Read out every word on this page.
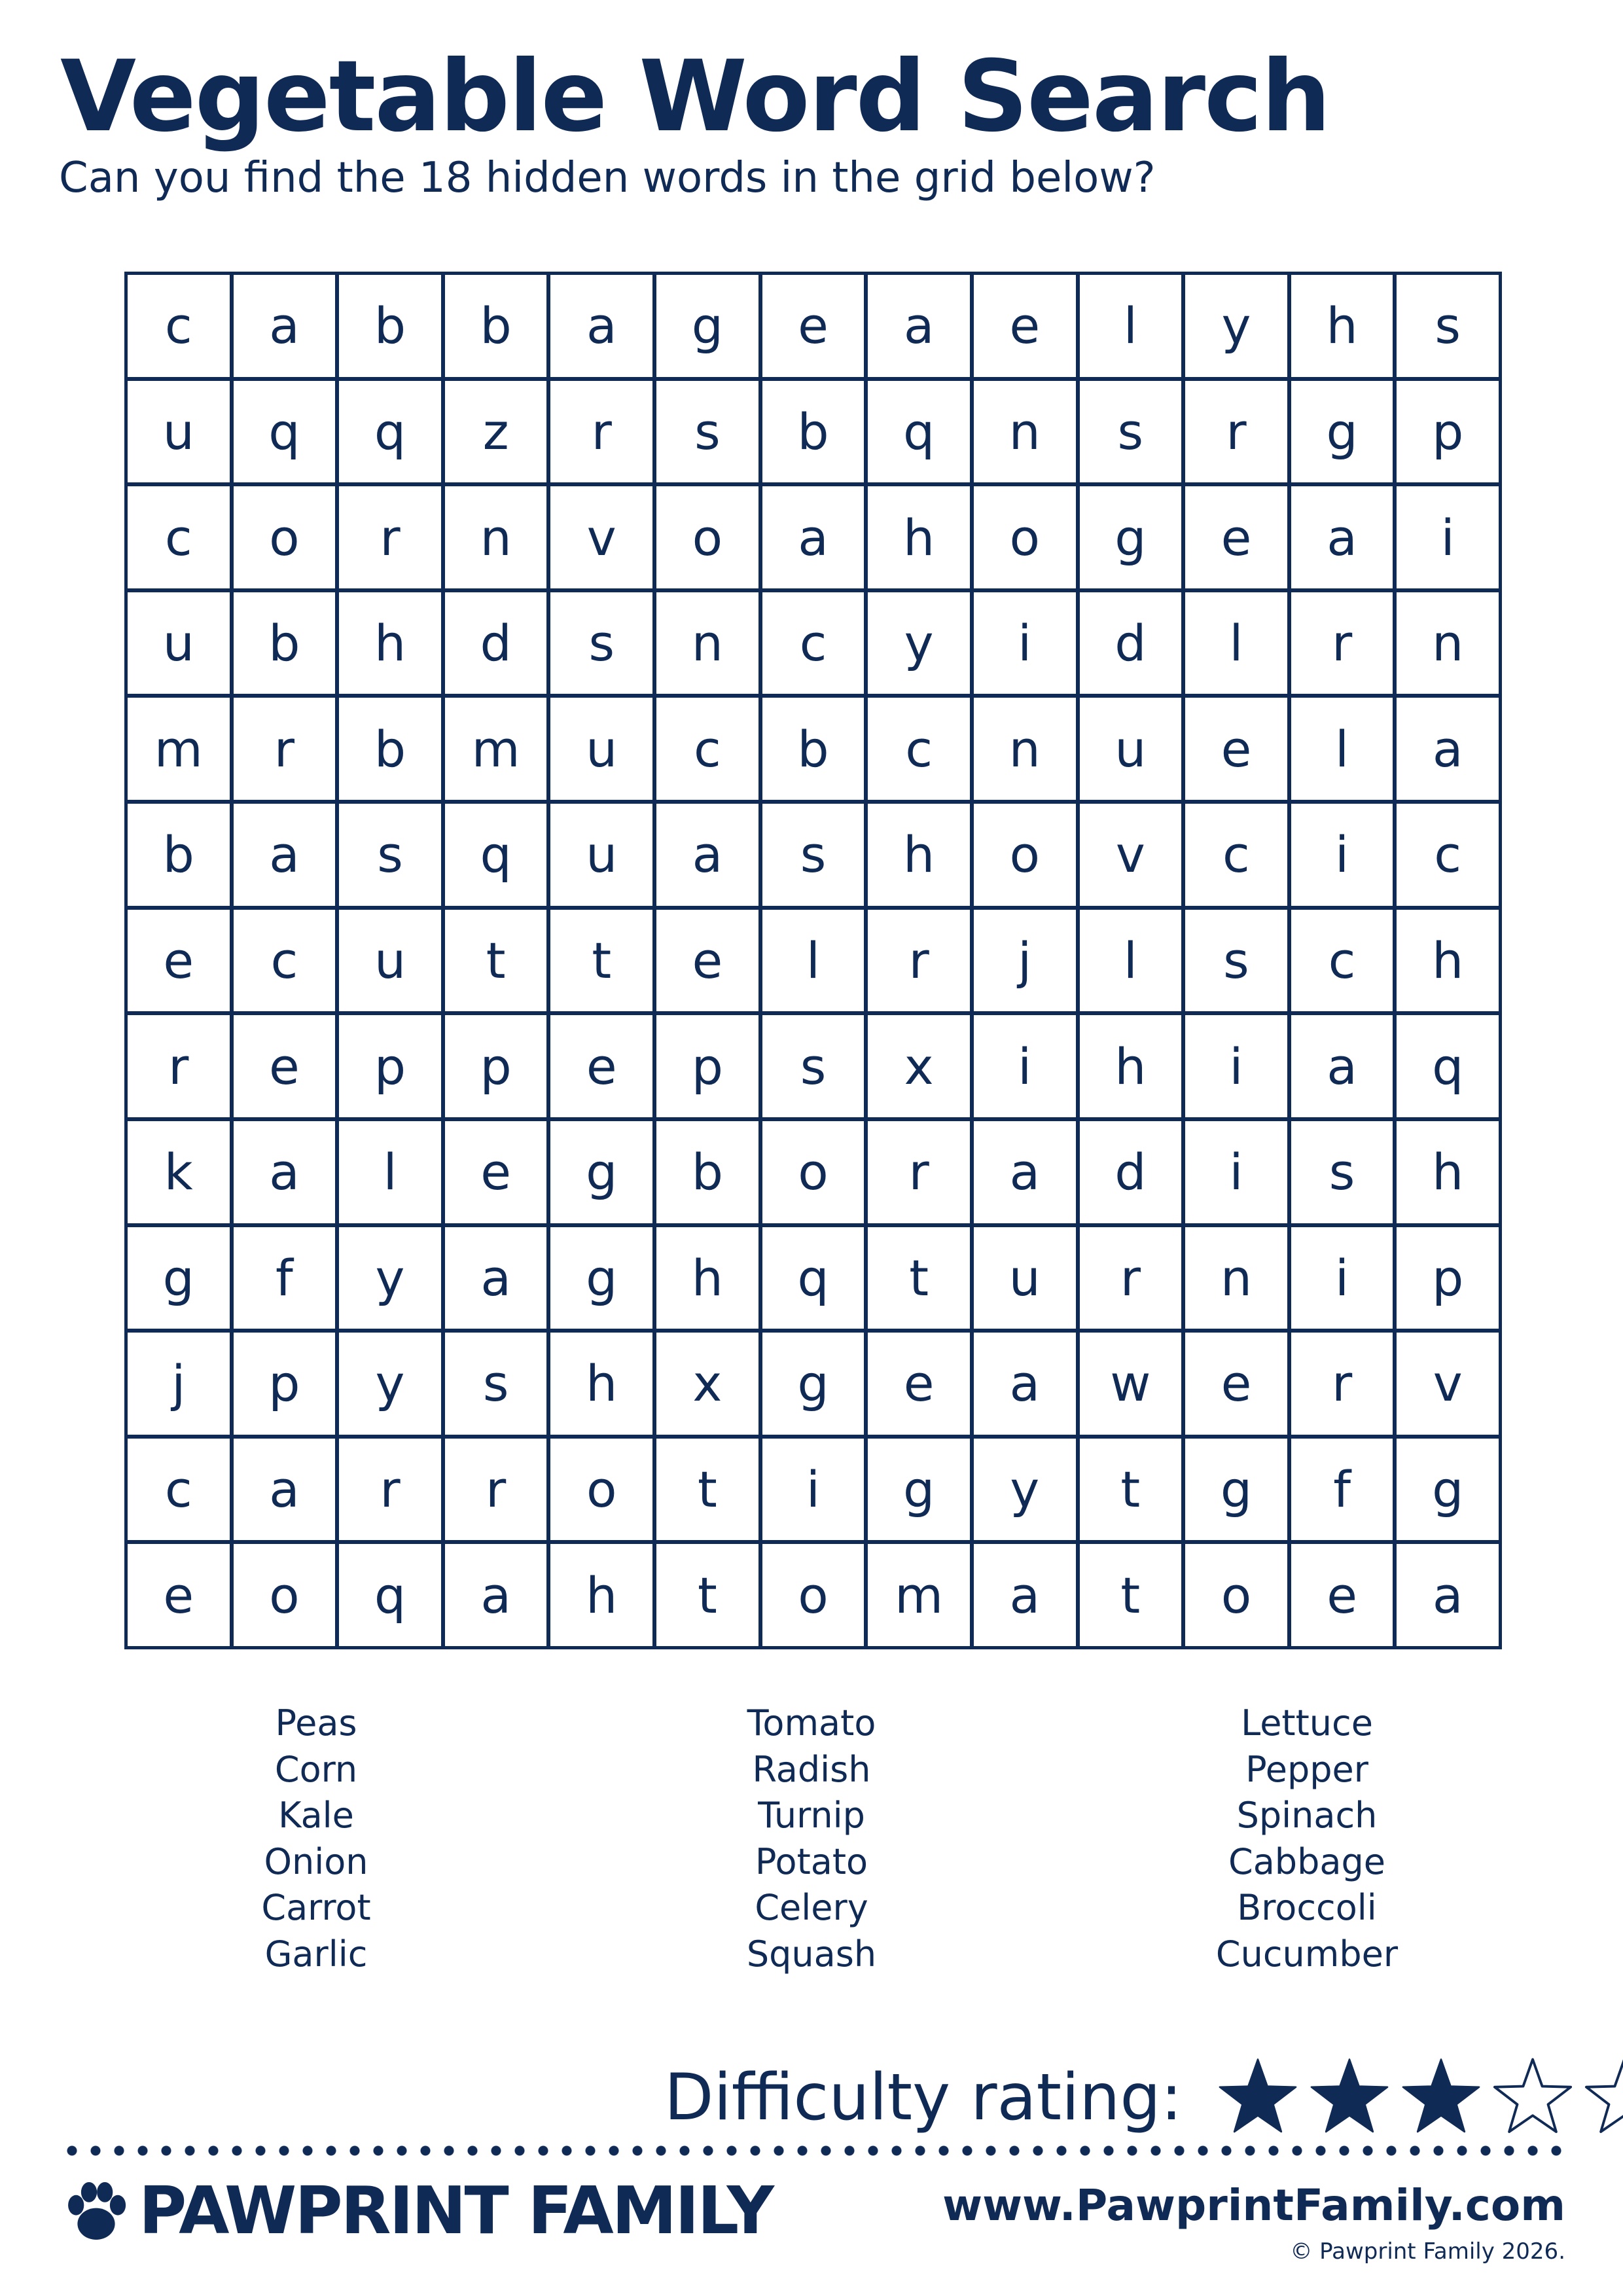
Vegetable Word Search

Can you find the 18 hidden words in the grid below?

c	a	b	b	a	g	e	a	e	l	y	h	s
u	q	q	z	r	s	b	q	n	s	r	g	p
c	o	r	n	v	o	a	h	o	g	e	a	i
u	b	h	d	s	n	c	y	i	d	l	r	n
m	r	b	m	u	c	b	c	n	u	e	l	a
b	a	s	q	u	a	s	h	o	v	c	i	c
e	c	u	t	t	e	l	r	j	l	s	c	h
r	e	p	p	e	p	s	x	i	h	i	a	q
k	a	l	e	g	b	o	r	a	d	i	s	h
g	f	y	a	g	h	q	t	u	r	n	i	p
j	p	y	s	h	x	g	e	a	w	e	r	v
c	a	r	r	o	t	i	g	y	t	g	f	g
e	o	q	a	h	t	o	m	a	t	o	e	a
Peas
Corn
Kale
Onion
Carrot
Garlic
Tomato
Radish
Turnip
Potato
Celery
Squash
Lettuce
Pepper
Spinach
Cabbage
Broccoli
Cucumber
Difficulty rating:
PAWPRINT FAMILY	www.PawprintFamily.com
© Pawprint Family 2026.
